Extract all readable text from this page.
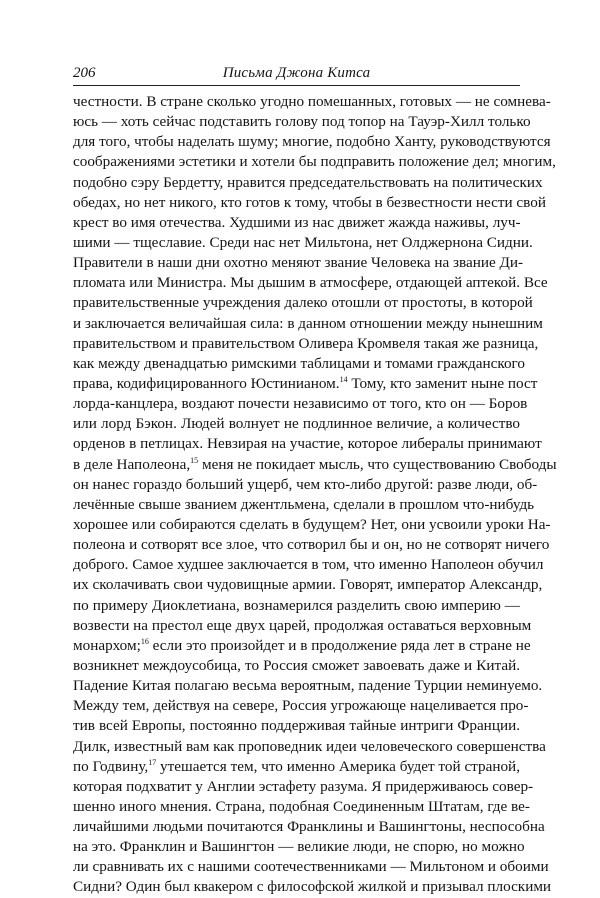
206	Письма Джона Китса
честности. В стране сколько угодно помешанных, готовых — не сомнева-
юсь — хоть сейчас подставить голову под топор на Тауэр-Хилл только
для того, чтобы наделать шуму; многие, подобно Ханту, руководствуются
соображениями эстетики и хотели бы подправить положение дел; многим,
подобно сэру Бердетту, нравится председательствовать на политических
обедах, но нет никого, кто готов к тому, чтобы в безвестности нести свой
крест во имя отечества. Худшими из нас движет жажда наживы, луч-
шими — тщеславие. Среди нас нет Мильтона, нет Олджернона Сидни.
Правители в наши дни охотно меняют звание Человека на звание Ди-
пломата или Министра. Мы дышим в атмосфере, отдающей аптекой. Все
правительственные учреждения далеко отошли от простоты, в которой
и заключается величайшая сила: в данном отношении между нынешним
правительством и правительством Оливера Кромвеля такая же разница,
как между двенадцатью римскими таблицами и томами гражданского
права, кодифицированного Юстинианом.$^{14}$ Тому, кто заменит ныне пост
лорда-канцлера, воздают почести независимо от того, кто он — Боров
или лорд Бэкон. Людей волнует не подлинное величие, а количество
орденов в петлицах. Невзирая на участие, которое либералы принимают
в деле Наполеона,$^{15}$ меня не покидает мысль, что существованию Свободы
он нанес гораздо больший ущерб, чем кто-либо другой: разве люди, об-
лечённые свыше званием джентльмена, сделали в прошлом что-нибудь
хорошее или собираются сделать в будущем? Нет, они усвоили уроки На-
полеона и сотворят все злое, что сотворил бы и он, но не сотворят ничего
доброго. Самое худшее заключается в том, что именно Наполеон обучил
их сколачивать свои чудовищные армии. Говорят, император Александр,
по примеру Диоклетиана, вознамерился разделить свою империю —
возвести на престол еще двух царей, продолжая оставаться верховным
монархом;$^{16}$ если это произойдет и в продолжение ряда лет в стране не
возникнет междоусобица, то Россия сможет завоевать даже и Китай.
Падение Китая полагаю весьма вероятным, падение Турции неминуемо.
Между тем, действуя на севере, Россия угрожающе нацеливается про-
тив всей Европы, постоянно поддерживая тайные интриги Франции.
Дилк, известный вам как проповедник идеи человеческого совершенства
по Годвину,$^{17}$ утешается тем, что именно Америка будет той страной,
которая подхватит у Англии эстафету разума. Я придерживаюсь совер-
шенно иного мнения. Страна, подобная Соединенным Штатам, где ве-
личайшими людьми почитаются Франклины и Вашингтоны, неспособна
на это. Франклин и Вашингтон — великие люди, не спорю, но можно
ли сравнивать их с нашими соотечественниками — Мильтоном и обоими
Сидни? Один был квакером с философской жилкой и призывал плоскими
